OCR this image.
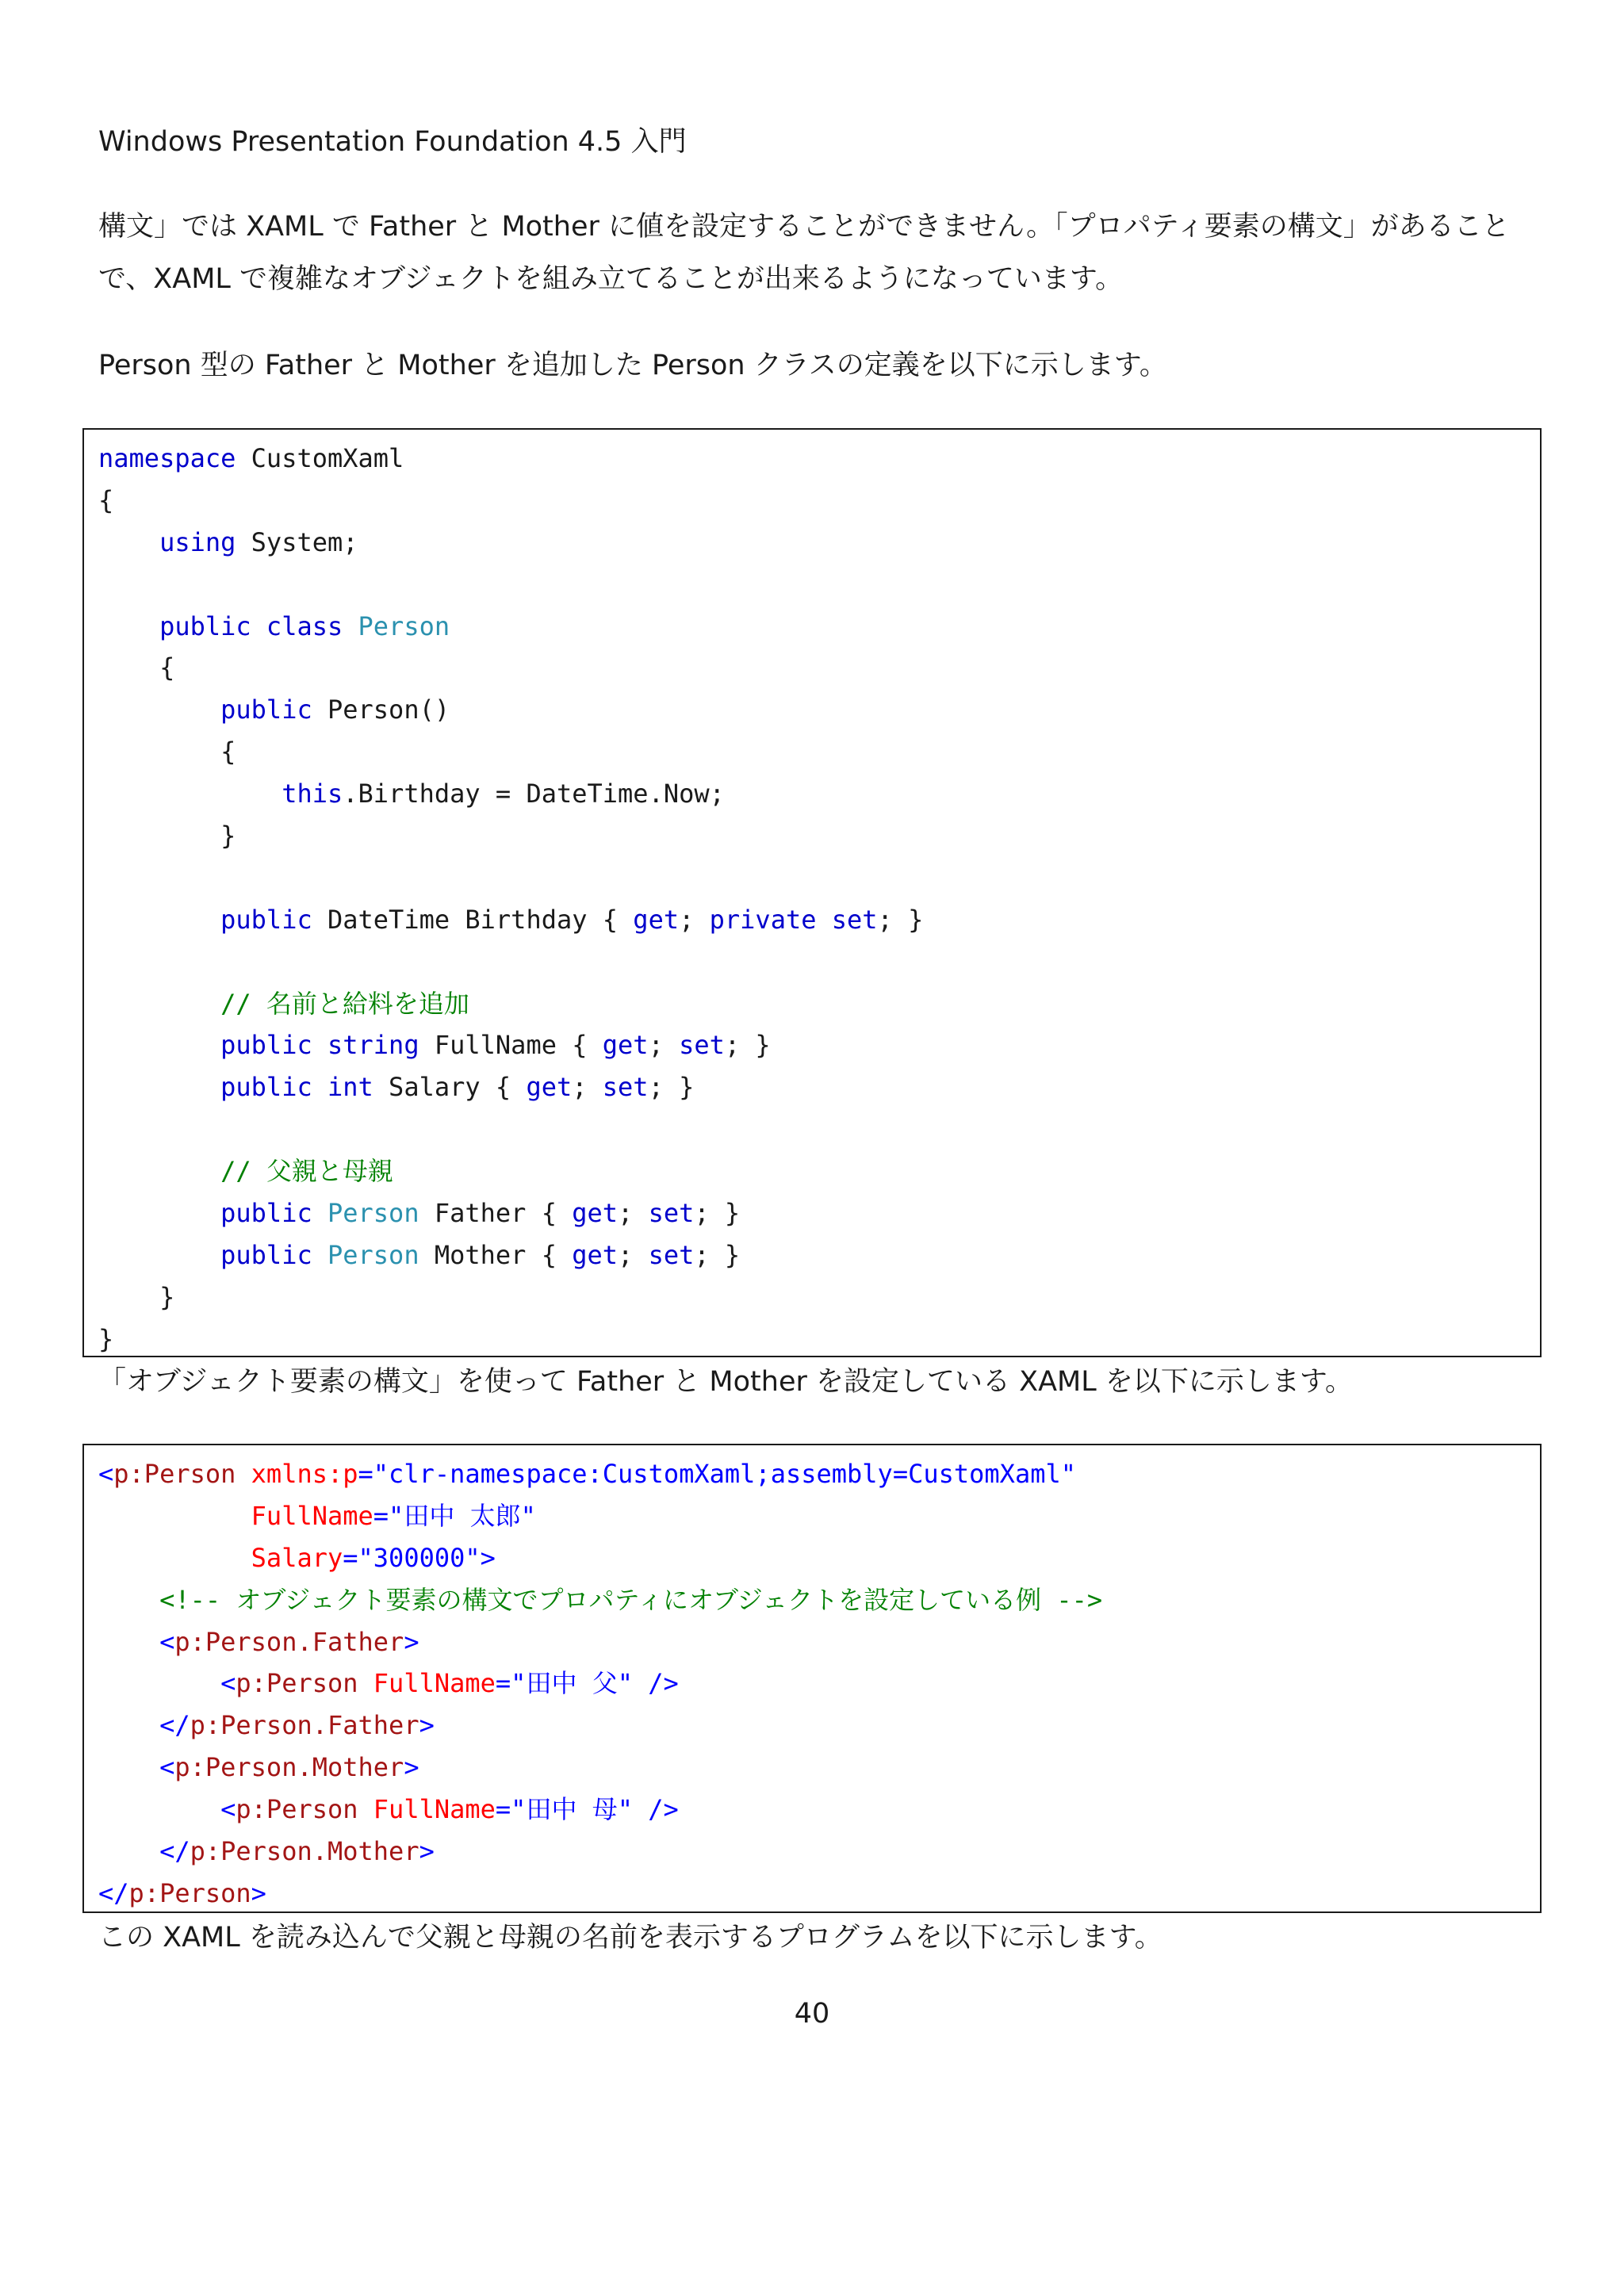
Windows Presentation Foundation 4.5 入門

構文」では XAML で Father と Mother に値を設定することができません。「プロパティ要素の構文」があること

で、XAML で複雑なオブジェクトを組み立てることが出来るようになっています。

Person 型の Father と Mother を追加した Person クラスの定義を以下に示します。

namespace CustomXaml
{
using System;
public class Person
{
public Person()
{
this.Birthday = DateTime.Now;
}
public DateTime Birthday { get; private set; }
// 名前と給料を追加
public string FullName { get; set; }
public int Salary { get; set; }
// 父親と母親
public Person Father { get; set; }
public Person Mother { get; set; }
}
}

「オブジェクト要素の構文」を使って Father と Mother を設定している XAML を以下に示します。

<p:Person xmlns:p="clr-namespace:CustomXaml;assembly=CustomXaml"
FullName="田中 太郎"
Salary="300000">
<!-- オブジェクト要素の構文でプロパティにオブジェクトを設定している例 -->
<p:Person.Father>
<p:Person FullName="田中 父" />
</p:Person.Father>
<p:Person.Mother>
<p:Person FullName="田中 母" />
</p:Person.Mother>
</p:Person>

この XAML を読み込んで父親と母親の名前を表示するプログラムを以下に示します。

40
